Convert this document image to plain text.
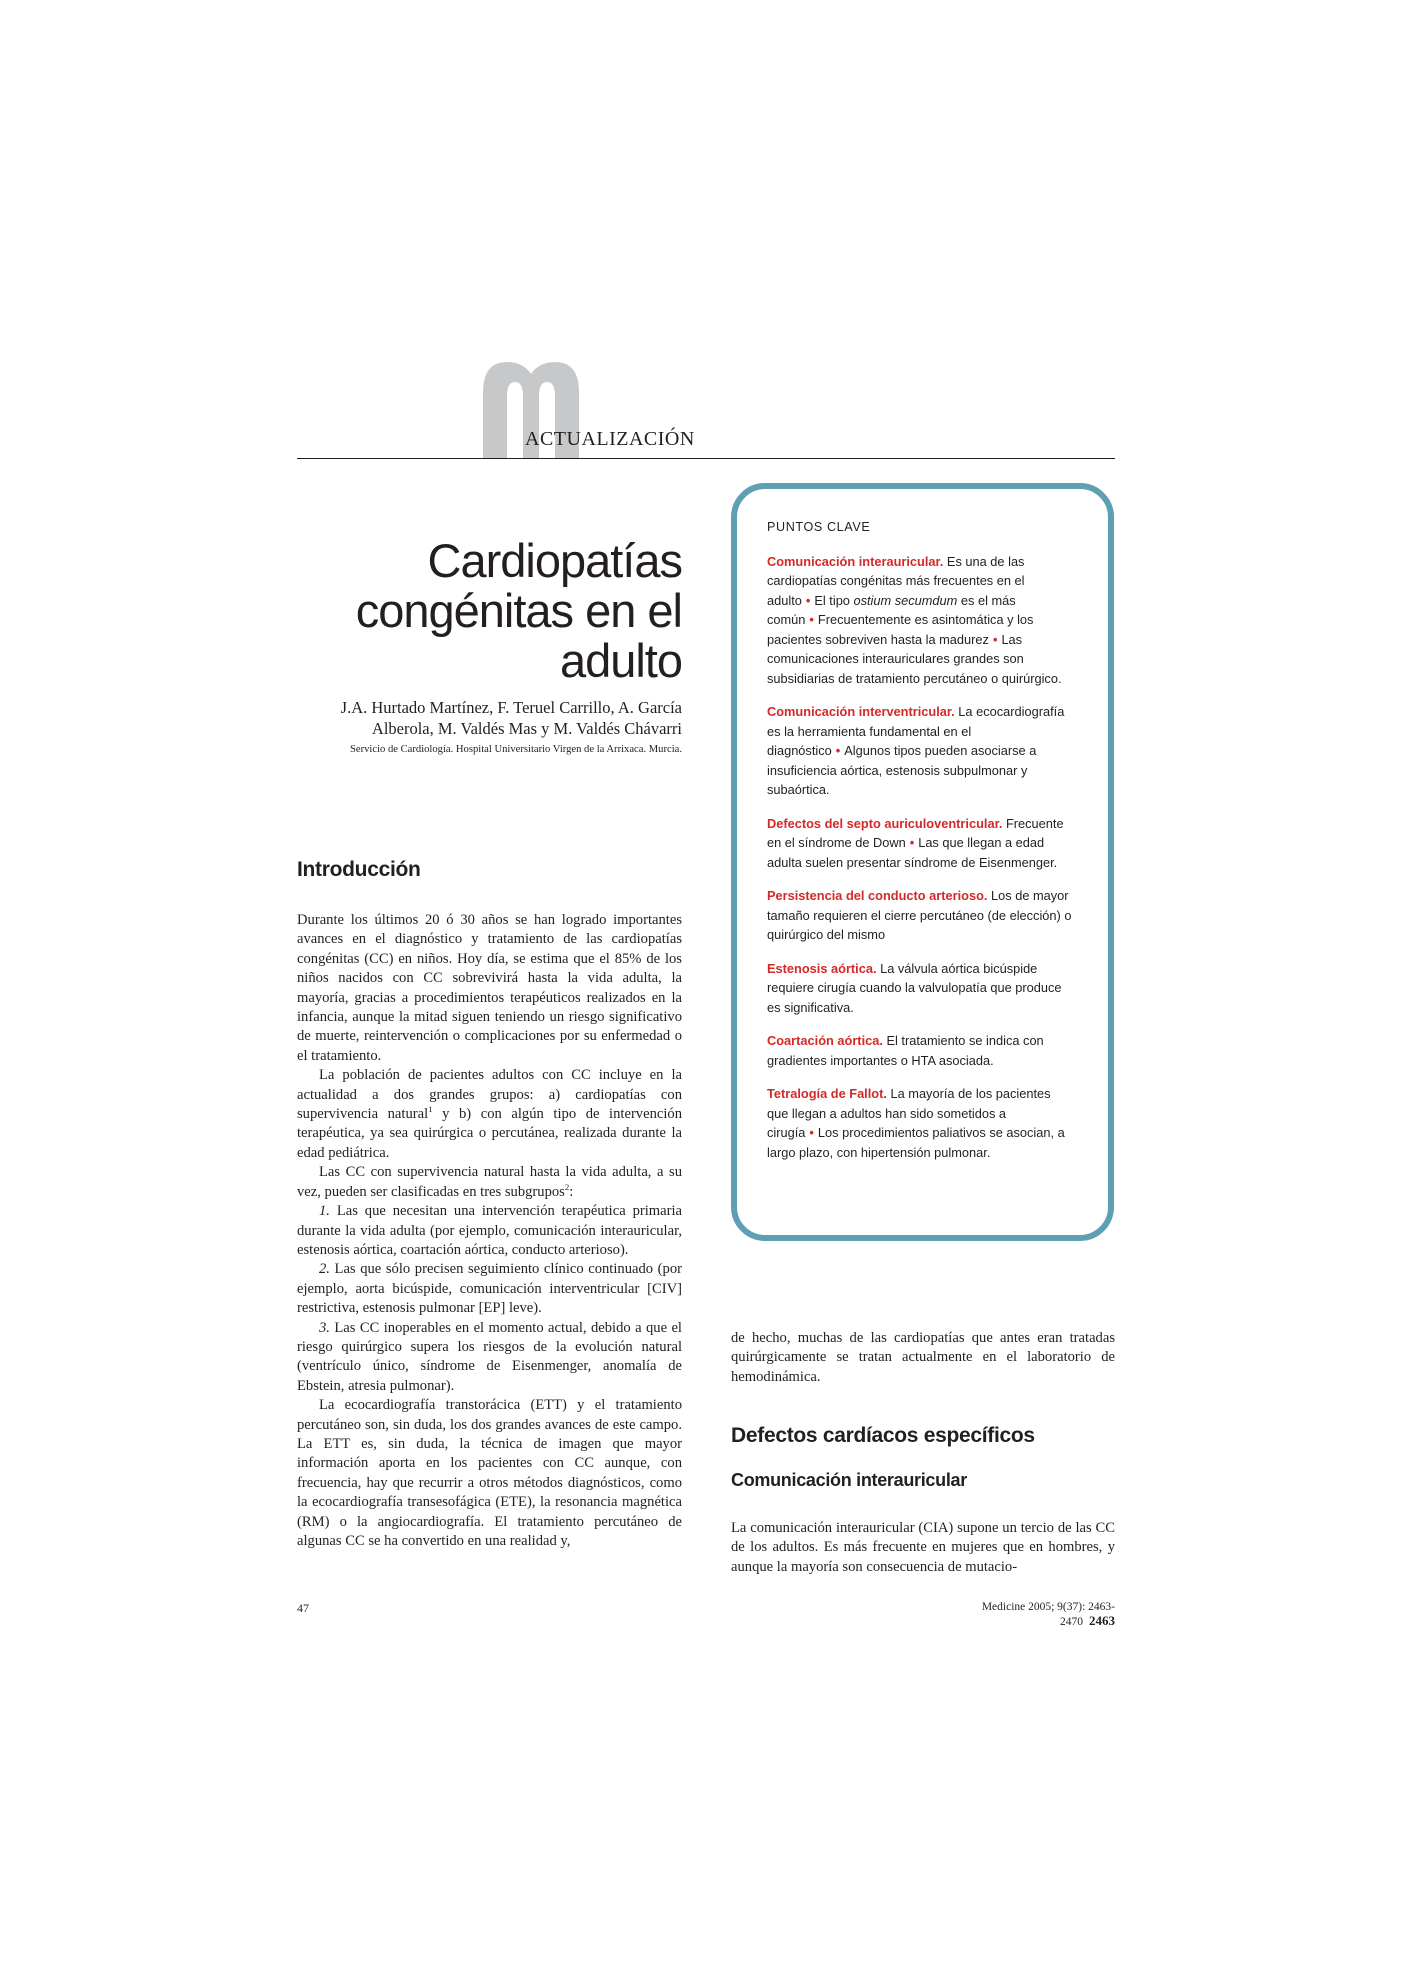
ACTUALIZACIÓN
Cardiopatías
congénitas en el
adulto
J.A. Hurtado Martínez, F. Teruel Carrillo, A. García
Alberola, M. Valdés Mas y M. Valdés Chávarri
Servicio de Cardiología. Hospital Universitario Virgen de la Arrixaca. Murcia.
Introducción

Durante los últimos 20 ó 30 años se han logrado importantes avances en el diagnóstico y tratamiento de las cardiopatías congénitas (CC) en niños. Hoy día, se estima que el 85% de los niños nacidos con CC sobrevivirá hasta la vida adulta, la mayoría, gracias a procedimientos terapéuticos realizados en la infancia, aunque la mitad siguen teniendo un riesgo significativo de muerte, reintervención o complicaciones por su enfermedad o el tratamiento.

La población de pacientes adultos con CC incluye en la actualidad a dos grandes grupos: a) cardiopatías con supervivencia natural$^1$ y b) con algún tipo de intervención terapéutica, ya sea quirúrgica o percutánea, realizada durante la edad pediátrica.

Las CC con supervivencia natural hasta la vida adulta, a su vez, pueden ser clasificadas en tres subgrupos$^2$:

1. Las que necesitan una intervención terapéutica primaria durante la vida adulta (por ejemplo, comunicación interauricular, estenosis aórtica, coartación aórtica, conducto arterioso).

2. Las que sólo precisen seguimiento clínico continuado (por ejemplo, aorta bicúspide, comunicación interventricular [CIV] restrictiva, estenosis pulmonar [EP] leve).

3. Las CC inoperables en el momento actual, debido a que el riesgo quirúrgico supera los riesgos de la evolución natural (ventrículo único, síndrome de Eisenmenger, anomalía de Ebstein, atresia pulmonar).

La ecocardiografía transtorácica (ETT) y el tratamiento percutáneo son, sin duda, los dos grandes avances de este campo. La ETT es, sin duda, la técnica de imagen que mayor información aporta en los pacientes con CC aunque, con frecuencia, hay que recurrir a otros métodos diagnósticos, como la ecocardiografía transesofágica (ETE), la resonancia magnética (RM) o la angiocardiografía. El tratamiento percutáneo de algunas CC se ha convertido en una realidad y,

PUNTOS CLAVE

Comunicación interauricular. Es una de las cardiopatías congénitas más frecuentes en el adulto • El tipo ostium secumdum es el más común • Frecuentemente es asintomática y los pacientes sobreviven hasta la madurez • Las comunicaciones interauriculares grandes son subsidiarias de tratamiento percutáneo o quirúrgico.

Comunicación interventricular. La ecocardiografía es la herramienta fundamental en el diagnóstico • Algunos tipos pueden asociarse a insuficiencia aórtica, estenosis subpulmonar y subaórtica.

Defectos del septo auriculoventricular. Frecuente en el síndrome de Down • Las que llegan a edad adulta suelen presentar síndrome de Eisenmenger.

Persistencia del conducto arterioso. Los de mayor tamaño requieren el cierre percutáneo (de elección) o quirúrgico del mismo

Estenosis aórtica. La válvula aórtica bicúspide requiere cirugía cuando la valvulopatía que produce es significativa.

Coartación aórtica. El tratamiento se indica con gradientes importantes o HTA asociada.

Tetralogía de Fallot. La mayoría de los pacientes que llegan a adultos han sido sometidos a cirugía • Los procedimientos paliativos se asocian, a largo plazo, con hipertensión pulmonar.

de hecho, muchas de las cardiopatías que antes eran tratadas quirúrgicamente se tratan actualmente en el laboratorio de hemodinámica.

Defectos cardíacos específicos
Comunicación interauricular

La comunicación interauricular (CIA) supone un tercio de las CC de los adultos. Es más frecuente en mujeres que en hombres, y aunque la mayoría son consecuencia de mutacio-

47	Medicine 2005; 9(37): 2463-2470 2463
